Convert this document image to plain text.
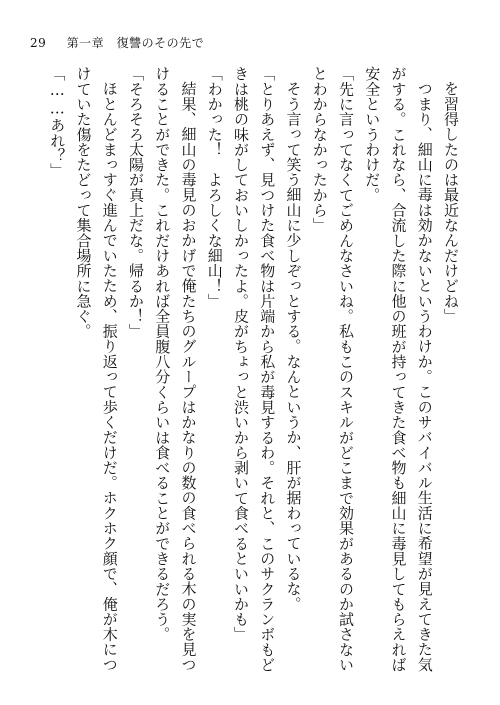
29 第一章　復讐のその先で
を習得したのは最近なんだけどね」
つまり、細山に毒は効かないというわけか。このサバイバル生活に希望が見えてきた気
がする。これなら、合流した際に他の班が持ってきた食べ物も細山に毒見してもらえれば
安全というわけだ。
「先に言ってなくてごめんなさいね。私もこのスキルがどこまで効果があるのか試さない
とわからなかったから」
そう言って笑う細山に少しぞっとする。なんというか、肝が据わっているな。
「とりあえず、見つけた食べ物は片端から私が毒見するわ。それと、このサクランボもど
きは桃の味がしておいしかったよ。皮がちょっと渋いから剥いて食べるといいかも」
「わかった！　よろしくな細山！」
結果、細山の毒見のおかげで俺たちのグループはかなりの数の食べられる木の実を見つ
けることができた。これだけあれば全員腹八分くらいは食べることができるだろう。
「そろそろ太陽が真上だな。帰るか！」
ほとんどまっすぐ進んでいたため、振り返って歩くだけだ。ホクホク顔で、俺が木につ
けていた傷をたどって集合場所に急ぐ。
「……あれ？」
